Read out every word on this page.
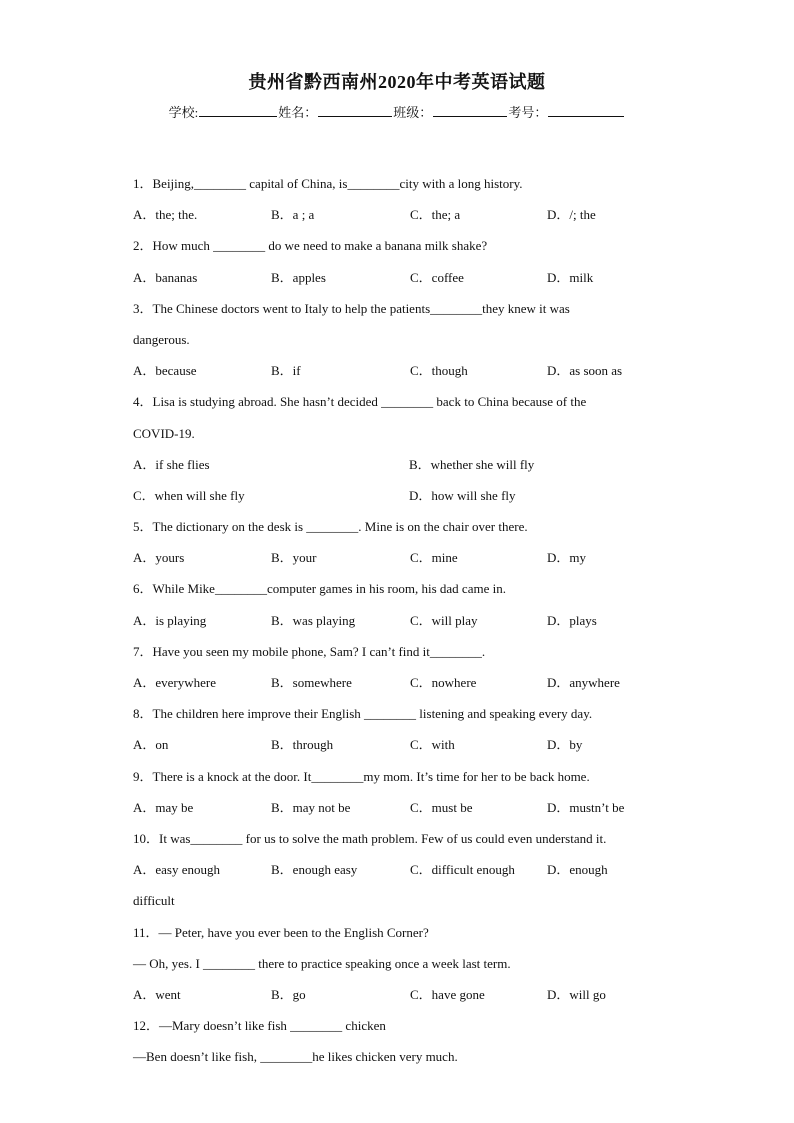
贵州省黔西南州2020年中考英语试题
学校:	姓名：	班级：	考号：
1．Beijing,________ capital of China, is________city with a long history.
A．the; the.	B．a ; a	C．the; a	D．/; the
2．How much ________ do we need to make a banana milk shake?
A．bananas	B．apples	C．coffee	D．milk
3．The Chinese doctors went to Italy to help the patients________they knew it was
dangerous.
A．because	B．if	C．though	D．as soon as
4．Lisa is studying abroad. She hasn’t decided ________ back to China because of the
COVID-19.
A．if she flies	B．whether she will fly
C．when will she fly	D．how will she fly
5．The dictionary on the desk is ________. Mine is on the chair over there.
A．yours	B．your	C．mine	D．my
6．While Mike________computer games in his room, his dad came in.
A．is playing	B．was playing	C．will play	D．plays
7．Have you seen my mobile phone, Sam? I can’t find it________.
A．everywhere	B．somewhere	C．nowhere	D．anywhere
8．The children here improve their English ________ listening and speaking every day.
A．on	B．through	C．with	D．by
9．There is a knock at the door. It________my mom. It’s time for her to be back home.
A．may be	B．may not be	C．must be	D．mustn’t be
10．It was________ for us to solve the math problem. Few of us could even understand it.
A．easy enough	B．enough easy	C．difficult enough D．enough
difficult
11．— Peter, have you ever been to the English Corner?
— Oh, yes. I ________ there to practice speaking once a week last term.
A．went	B．go	C．have gone	D．will go
12．—Mary doesn’t like fish ________ chicken
—Ben doesn’t like fish, ________he likes chicken very much.
